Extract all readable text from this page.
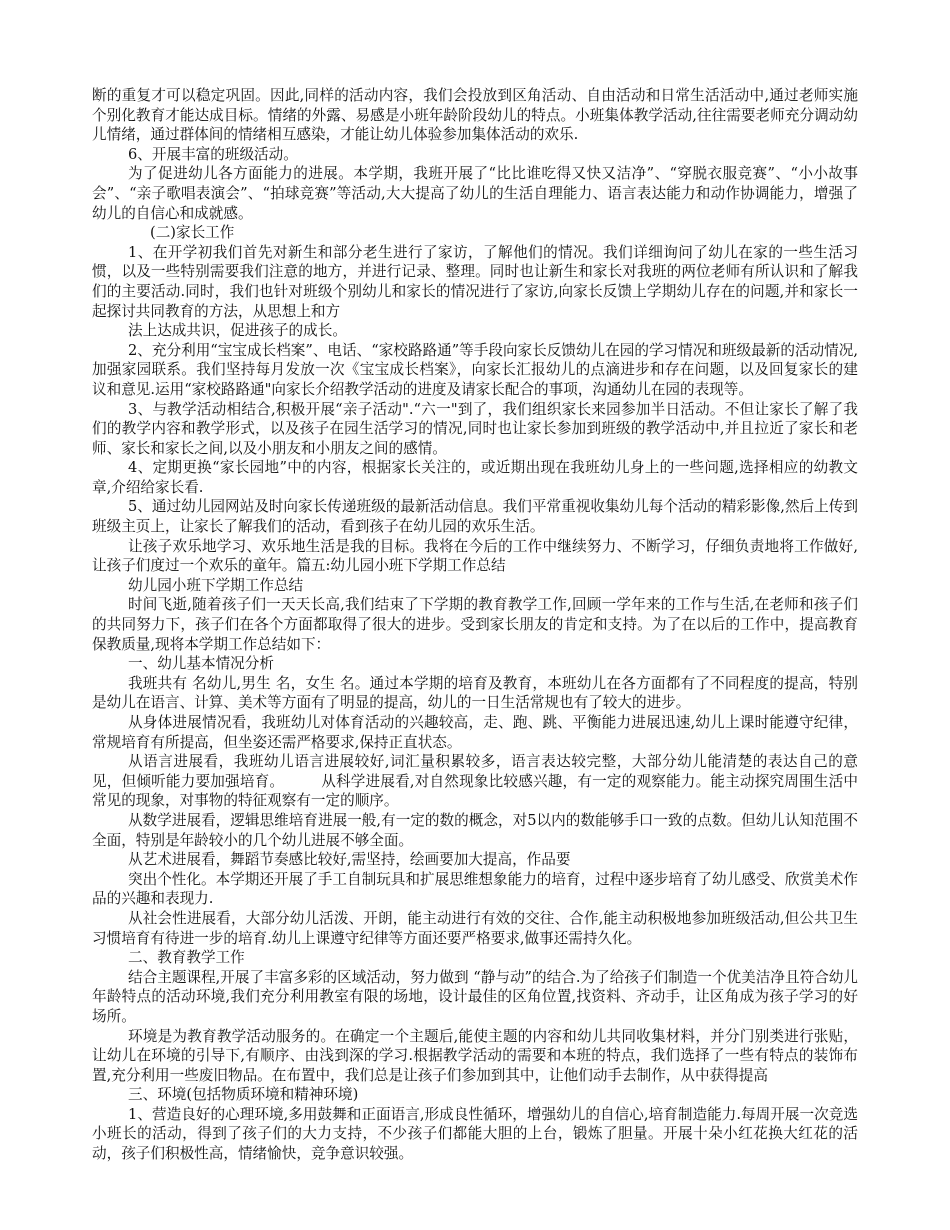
断的重复才可以稳定巩固。因此,同样的活动内容，我们会投放到区角活动、自由活动和日常生活活动中,通过老师实施个别化教育才能达成目标。情绪的外露、易感是小班年龄阶段幼儿的特点。小班集体教学活动,往往需要老师充分调动幼儿情绪，通过群体间的情绪相互感染，才能让幼儿体验参加集体活动的欢乐.

6、开展丰富的班级活动。

为了促进幼儿各方面能力的进展。本学期，我班开展了“比比谁吃得又快又洁净”、“穿脱衣服竞赛”、“小小故事会”、“亲子歌唱表演会”、“拍球竞赛”等活动,大大提高了幼儿的生活自理能力、语言表达能力和动作协调能力，增强了幼儿的自信心和成就感。

(二)家长工作

1、在开学初我们首先对新生和部分老生进行了家访，了解他们的情况。我们详细询问了幼儿在家的一些生活习惯，以及一些特别需要我们注意的地方，并进行记录、整理。同时也让新生和家长对我班的两位老师有所认识和了解我们的主要活动.同时，我们也针对班级个别幼儿和家长的情况进行了家访,向家长反馈上学期幼儿存在的问题,并和家长一起探讨共同教育的方法，从思想上和方

法上达成共识，促进孩子的成长。

2、充分利用“宝宝成长档案”、电话、“家校路路通”等手段向家长反馈幼儿在园的学习情况和班级最新的活动情况,加强家园联系。我们坚持每月发放一次《宝宝成长档案》，向家长汇报幼儿的点滴进步和存在问题，以及回复家长的建议和意见.运用“家校路路通"向家长介绍教学活动的进度及请家长配合的事项，沟通幼儿在园的表现等。

3、与教学活动相结合,积极开展“亲子活动".“六一"到了，我们组织家长来园参加半日活动。不但让家长了解了我们的教学内容和教学形式，以及孩子在园生活学习的情况,同时也让家长参加到班级的教学活动中,并且拉近了家长和老师、家长和家长之间,以及小朋友和小朋友之间的感情。

4、定期更换“家长园地”中的内容，根据家长关注的，或近期出现在我班幼儿身上的一些问题,选择相应的幼教文章,介绍给家长看.

5、通过幼儿园网站及时向家长传递班级的最新活动信息。我们平常重视收集幼儿每个活动的精彩影像,然后上传到班级主页上，让家长了解我们的活动，看到孩子在幼儿园的欢乐生活。

让孩子欢乐地学习、欢乐地生活是我的目标。我将在今后的工作中继续努力、不断学习，仔细负责地将工作做好,让孩子们度过一个欢乐的童年。篇五:幼儿园小班下学期工作总结

幼儿园小班下学期工作总结

时间飞逝,随着孩子们一天天长高,我们结束了下学期的教育教学工作,回顾一学年来的工作与生活,在老师和孩子们的共同努力下，孩子们在各个方面都取得了很大的进步。受到家长朋友的肯定和支持。为了在以后的工作中，提高教育保教质量,现将本学期工作总结如下：

一、幼儿基本情况分析

我班共有 名幼儿,男生 名，女生 名。通过本学期的培育及教育，本班幼儿在各方面都有了不同程度的提高，特别是幼儿在语言、计算、美术等方面有了明显的提高，幼儿的一日生活常规也有了较大的进步。

从身体进展情况看，我班幼儿对体育活动的兴趣较高，走、跑、跳、平衡能力进展迅速,幼儿上课时能遵守纪律，常规培育有所提高，但坐姿还需严格要求,保持正直状态。

从语言进展看，我班幼儿语言进展较好,词汇量积累较多，语言表达较完整，大部分幼儿能清楚的表达自己的意见，但倾听能力要加强培育。　　　从科学进展看,对自然现象比较感兴趣，有一定的观察能力。能主动探究周围生活中常见的现象，对事物的特征观察有一定的顺序。

从数学进展看，逻辑思维培育进展一般,有一定的数的概念，对5以内的数能够手口一致的点数。但幼儿认知范围不全面，特别是年龄较小的几个幼儿进展不够全面。

从艺术进展看，舞蹈节奏感比较好,需坚持，绘画要加大提高，作品要

突出个性化。本学期还开展了手工自制玩具和扩展思维想象能力的培育，过程中逐步培育了幼儿感受、欣赏美术作品的兴趣和表现力.

从社会性进展看，大部分幼儿活泼、开朗，能主动进行有效的交往、合作,能主动积极地参加班级活动,但公共卫生习惯培育有待进一步的培育.幼儿上课遵守纪律等方面还要严格要求,做事还需持久化。

二、教育教学工作

结合主题课程,开展了丰富多彩的区域活动，努力做到 “静与动”的结合.为了给孩子们制造一个优美洁净且符合幼儿年龄特点的活动环境,我们充分利用教室有限的场地，设计最佳的区角位置,找资料、齐动手，让区角成为孩子学习的好场所。

环境是为教育教学活动服务的。在确定一个主题后,能使主题的内容和幼儿共同收集材料，并分门别类进行张贴，让幼儿在环境的引导下,有顺序、由浅到深的学习.根据教学活动的需要和本班的特点，我们选择了一些有特点的装饰布置,充分利用一些废旧物品。在布置中，我们总是让孩子们参加到其中，让他们动手去制作，从中获得提高

三、环境(包括物质环境和精神环境)

1、营造良好的心理环境,多用鼓舞和正面语言,形成良性循环，增强幼儿的自信心,培育制造能力.每周开展一次竞选小班长的活动，得到了孩子们的大力支持，不少孩子们都能大胆的上台，锻炼了胆量。开展十朵小红花换大红花的活动，孩子们积极性高，情绪愉快，竞争意识较强。
